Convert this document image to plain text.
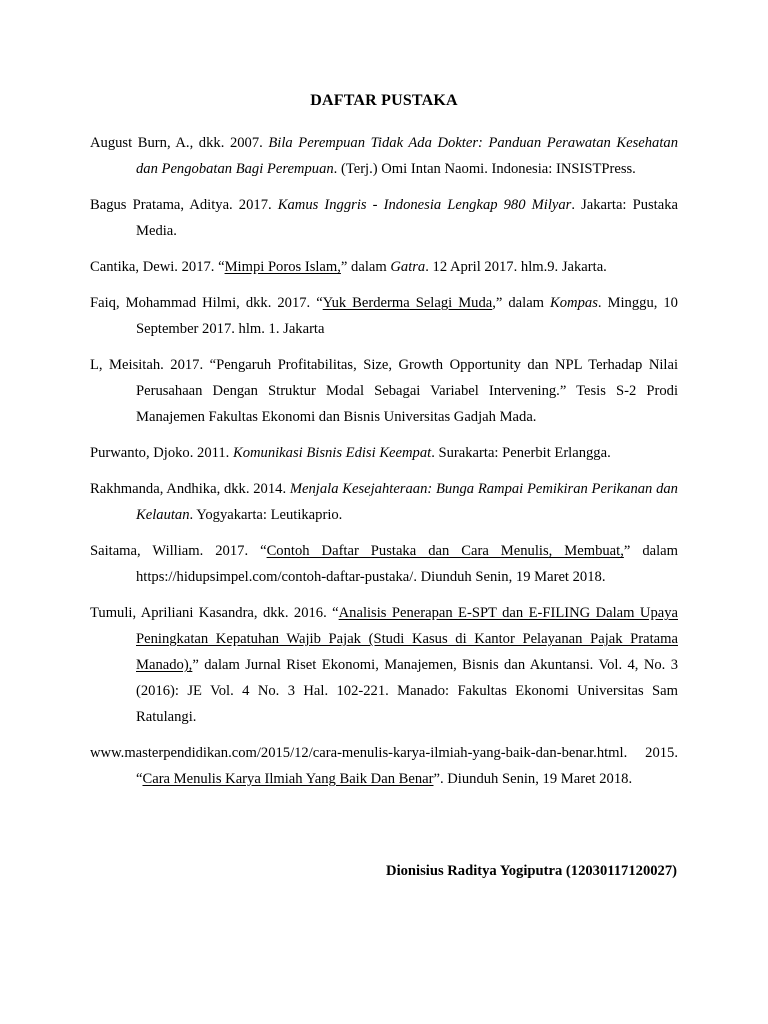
DAFTAR PUSTAKA

August Burn, A., dkk. 2007. Bila Perempuan Tidak Ada Dokter: Panduan Perawatan Kesehatan dan Pengobatan Bagi Perempuan. (Terj.) Omi Intan Naomi. Indonesia: INSISTPress.

Bagus Pratama, Aditya. 2017. Kamus Inggris - Indonesia Lengkap 980 Milyar. Jakarta: Pustaka Media.

Cantika, Dewi. 2017. “Mimpi Poros Islam,” dalam Gatra. 12 April 2017. hlm.9. Jakarta.

Faiq, Mohammad Hilmi, dkk. 2017. “Yuk Berderma Selagi Muda,” dalam Kompas. Minggu, 10 September 2017. hlm. 1. Jakarta

L, Meisitah. 2017. “Pengaruh Profitabilitas, Size, Growth Opportunity dan NPL Terhadap Nilai Perusahaan Dengan Struktur Modal Sebagai Variabel Intervening.” Tesis S-2 Prodi Manajemen Fakultas Ekonomi dan Bisnis Universitas Gadjah Mada.

Purwanto, Djoko. 2011. Komunikasi Bisnis Edisi Keempat. Surakarta: Penerbit Erlangga.

Rakhmanda, Andhika, dkk. 2014. Menjala Kesejahteraan: Bunga Rampai Pemikiran Perikanan dan Kelautan. Yogyakarta: Leutikaprio.

Saitama, William. 2017. “Contoh Daftar Pustaka dan Cara Menulis, Membuat,” dalam https://hidupsimpel.com/contoh-daftar-pustaka/. Diunduh Senin, 19 Maret 2018.

Tumuli, Apriliani Kasandra, dkk. 2016. “Analisis Penerapan E-SPT dan E-FILING Dalam Upaya Peningkatan Kepatuhan Wajib Pajak (Studi Kasus di Kantor Pelayanan Pajak Pratama Manado),” dalam Jurnal Riset Ekonomi, Manajemen, Bisnis dan Akuntansi. Vol. 4, No. 3 (2016): JE Vol. 4 No. 3 Hal. 102-221. Manado: Fakultas Ekonomi Universitas Sam Ratulangi.

www.masterpendidikan.com/2015/12/cara-menulis-karya-ilmiah-yang-baik-dan-benar.html. 2015. “Cara Menulis Karya Ilmiah Yang Baik Dan Benar”. Diunduh Senin, 19 Maret 2018.

Dionisius Raditya Yogiputra (12030117120027)
